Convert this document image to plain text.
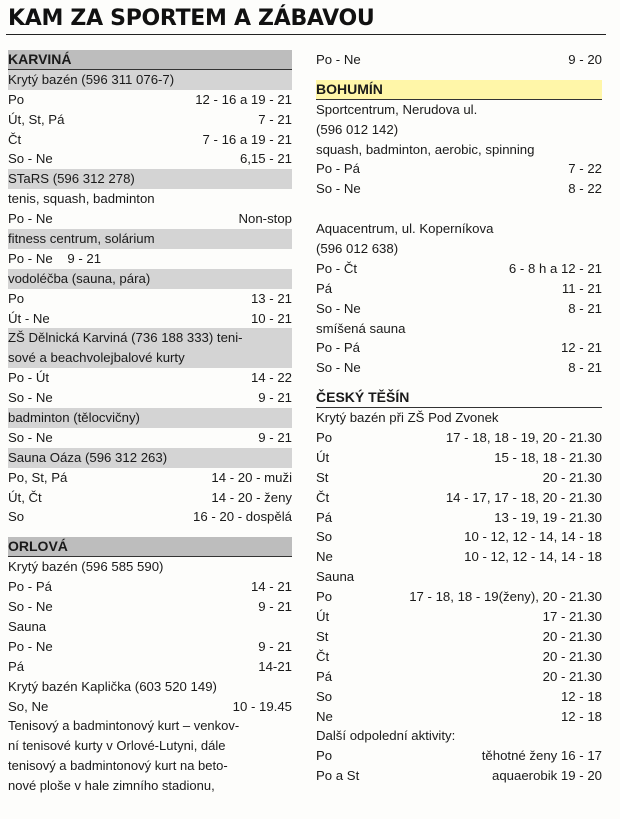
KAM ZA SPORTEM A ZÁBAVOU
KARVINÁ
Krytý bazén (596 311 076-7)
Po	12 - 16 a 19 - 21
Út, St, Pá	7 - 21
Čt	7 - 16 a 19 - 21
So - Ne	6,15 - 21
STaRS (596 312 278)
tenis, squash, badminton
Po - Ne	Non-stop
fitness centrum, solárium
Po - Ne    9 - 21
vodoléčba (sauna, pára)
Po	13 - 21
Út - Ne	10 - 21
ZŠ Dělnická Karviná (736 188 333) teni-
sové a beachvolejbalové kurty
Po - Út	14 - 22
So - Ne	9 - 21
badminton (tělocvičny)
So - Ne	9 - 21
Sauna Oáza (596 312 263)
Po, St, Pá	14 - 20 - muži
Út, Čt	14 - 20 - ženy
So	16 - 20 - dospělá
ORLOVÁ
Krytý bazén (596 585 590)
Po - Pá	14 - 21
So - Ne	9 - 21
Sauna
Po - Ne	9 - 21
Pá	14-21
Krytý bazén Kaplička (603 520 149)
So, Ne	10 - 19.45
Tenisový a badmintonový kurt – venkov-
ní tenisové kurty v Orlové-Lutyni, dále
tenisový a badmintonový kurt na beto-
nové ploše v hale zimního stadionu,
Po - Ne	9 - 20
BOHUMÍN
Sportcentrum, Nerudova ul.
(596 012 142)
squash, badminton, aerobic, spinning
Po - Pá	7 - 22
So - Ne	8 - 22
Aquacentrum, ul. Koperníkova
(596 012 638)
Po - Čt	6 - 8 h a 12 - 21
Pá	11 - 21
So - Ne	8 - 21
smíšená sauna
Po - Pá	12 - 21
So - Ne	8 - 21
ČESKÝ TĚŠÍN
Krytý bazén při ZŠ Pod Zvonek
Po	17 - 18, 18 - 19, 20 - 21.30
Út	15 - 18, 18 - 21.30
St	20 - 21.30
Čt	14 - 17, 17 - 18, 20 - 21.30
Pá	13 - 19, 19 - 21.30
So	10 - 12, 12 - 14, 14 - 18
Ne	10 - 12, 12 - 14, 14 - 18
Sauna
Po	17 - 18, 18 - 19(ženy), 20 - 21.30
Út	17 - 21.30
St	20 - 21.30
Čt	20 - 21.30
Pá	20 - 21.30
So	12 - 18
Ne	12 - 18
Další odpolední aktivity:
Po	těhotné ženy 16 - 17
Po a St	aquaerobik 19 - 20
